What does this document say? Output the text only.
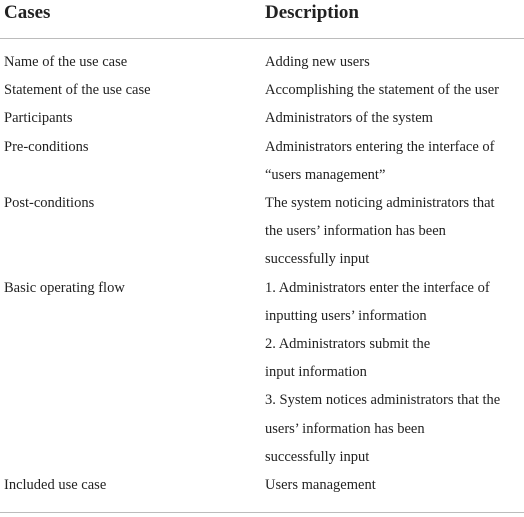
Cases	Description
Name of the use case	Adding new users
Statement of the use case	Accomplishing the statement of the user
Participants	Administrators of the system
Pre-conditions	Administrators entering the interface of
“users management”
Post-conditions	The system noticing administrators that
the users’ information has been
successfully input
Basic operating flow	1. Administrators enter the interface of
inputting users’ information
2. Administrators submit the
input information
3. System notices administrators that the
users’ information has been
successfully input
Included use case	Users management
